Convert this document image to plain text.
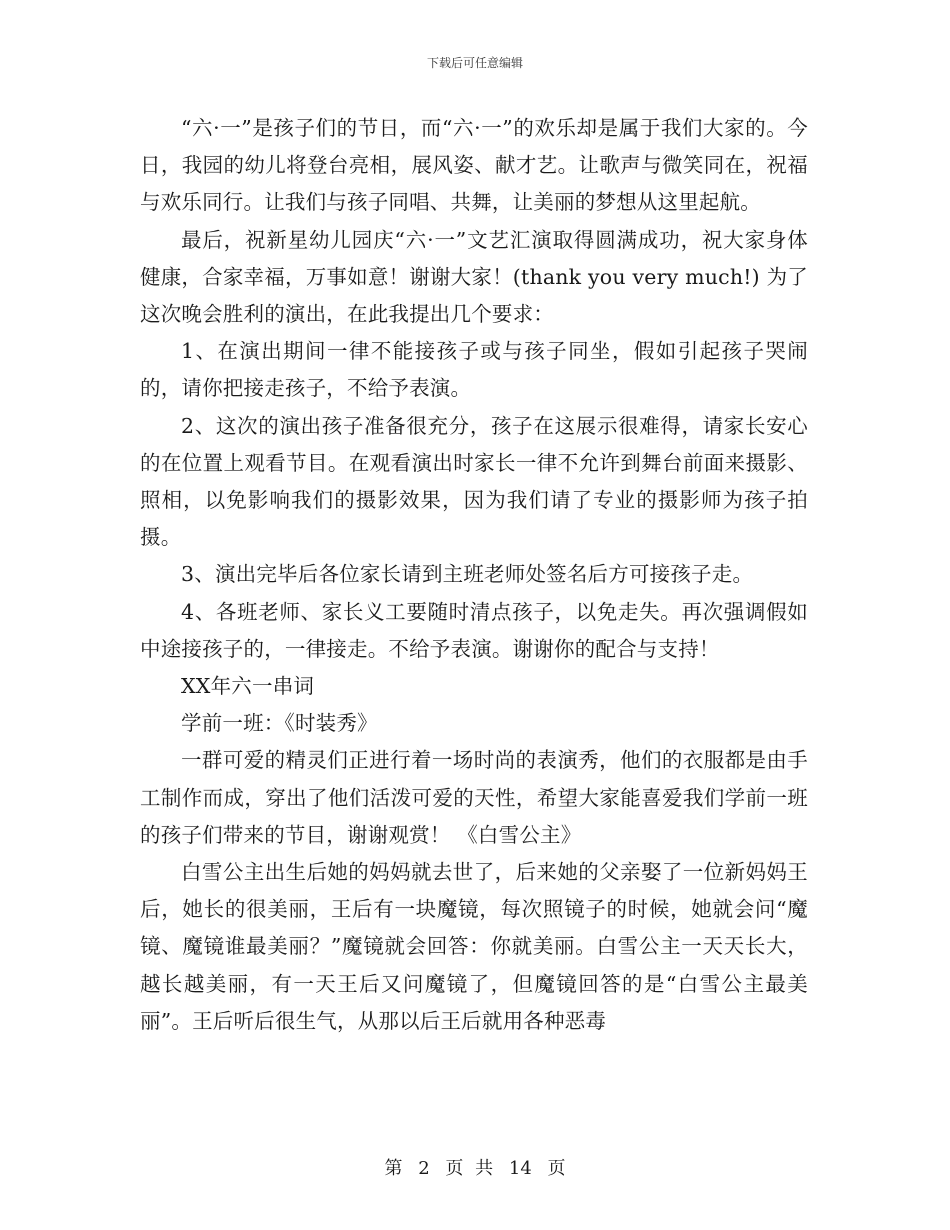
下载后可任意编辑

“六·一”是孩子们的节日，而“六·一”的欢乐却是属于我们大家的。今日，我园的幼儿将登台亮相，展风姿、献才艺。让歌声与微笑同在，祝福与欢乐同行。让我们与孩子同唱、共舞，让美丽的梦想从这里起航。

最后，祝新星幼儿园庆“六·一”文艺汇演取得圆满成功，祝大家身体健康，合家幸福，万事如意！谢谢大家！(thank you very much!) 为了这次晚会胜利的演出，在此我提出几个要求：

1、在演出期间一律不能接孩子或与孩子同坐，假如引起孩子哭闹的，请你把接走孩子，不给予表演。

2、这次的演出孩子准备很充分，孩子在这展示很难得，请家长安心的在位置上观看节目。在观看演出时家长一律不允许到舞台前面来摄影、照相，以免影响我们的摄影效果，因为我们请了专业的摄影师为孩子拍摄。

3、演出完毕后各位家长请到主班老师处签名后方可接孩子走。

4、各班老师、家长义工要随时清点孩子，以免走失。再次强调假如中途接孩子的，一律接走。不给予表演。谢谢你的配合与支持！

XX年六一串词

学前一班：《时装秀》

一群可爱的精灵们正进行着一场时尚的表演秀，他们的衣服都是由手工制作而成，穿出了他们活泼可爱的天性，希望大家能喜爱我们学前一班的孩子们带来的节目，谢谢观赏！ 《白雪公主》

白雪公主出生后她的妈妈就去世了，后来她的父亲娶了一位新妈妈王后，她长的很美丽，王后有一块魔镜，每次照镜子的时候，她就会问“魔镜、魔镜谁最美丽？”魔镜就会回答：你就美丽。白雪公主一天天长大，越长越美丽，有一天王后又问魔镜了，但魔镜回答的是“白雪公主最美丽”。王后听后很生气，从那以后王后就用各种恶毒

第 2 页 共 14 页
